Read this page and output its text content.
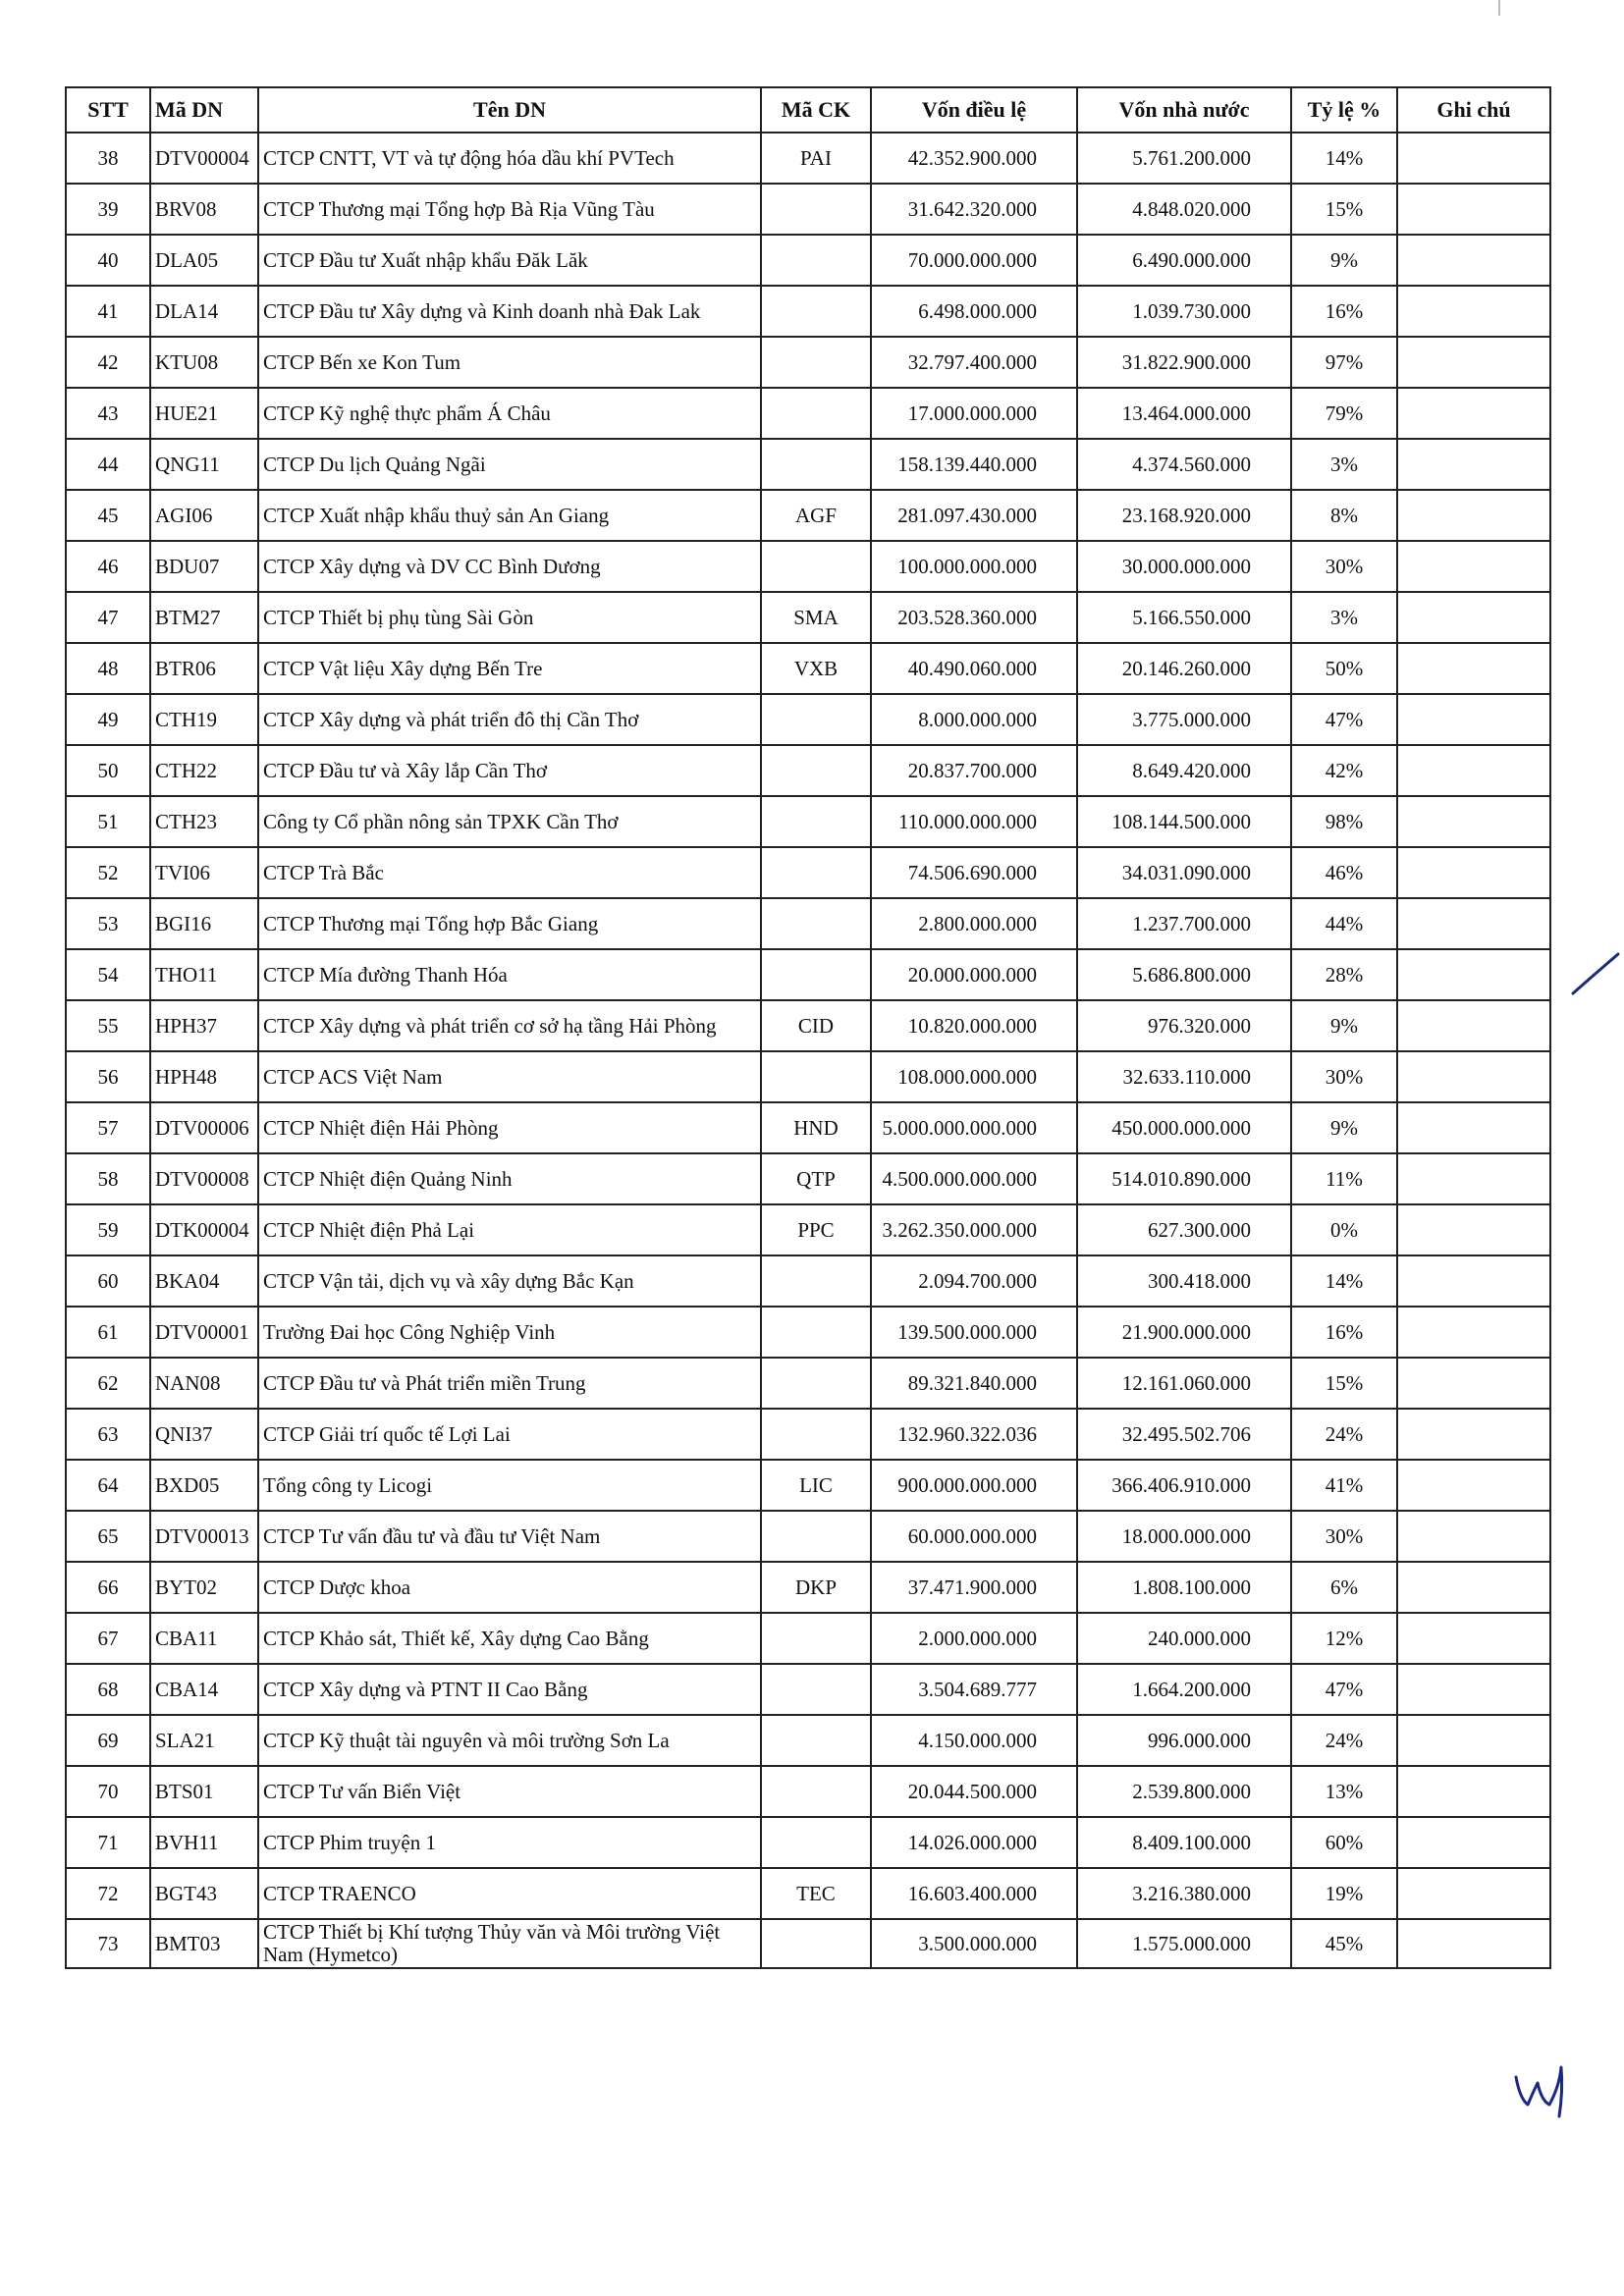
STT	Mã DN	Tên DN	Mã CK	Vốn điều lệ	Vốn nhà nước	Tỷ lệ %	Ghi chú
38	DTV00004	CTCP CNTT, VT và tự động hóa dầu khí PVTech	PAI	42.352.900.000	5.761.200.000	14%	
39	BRV08	CTCP Thương mại Tổng hợp Bà Rịa Vũng Tàu		31.642.320.000	4.848.020.000	15%	
40	DLA05	CTCP Đầu tư Xuất nhập khẩu Đăk Lăk		70.000.000.000	6.490.000.000	9%	
41	DLA14	CTCP Đầu tư Xây dựng và Kinh doanh nhà Đak Lak		6.498.000.000	1.039.730.000	16%	
42	KTU08	CTCP Bến xe Kon Tum		32.797.400.000	31.822.900.000	97%	
43	HUE21	CTCP Kỹ nghệ thực phẩm Á Châu		17.000.000.000	13.464.000.000	79%	
44	QNG11	CTCP Du lịch Quảng Ngãi		158.139.440.000	4.374.560.000	3%	
45	AGI06	CTCP Xuất nhập khẩu thuỷ sản An Giang	AGF	281.097.430.000	23.168.920.000	8%	
46	BDU07	CTCP Xây dựng và DV CC Bình Dương		100.000.000.000	30.000.000.000	30%	
47	BTM27	CTCP Thiết bị phụ tùng Sài Gòn	SMA	203.528.360.000	5.166.550.000	3%	
48	BTR06	CTCP Vật liệu Xây dựng Bến Tre	VXB	40.490.060.000	20.146.260.000	50%	
49	CTH19	CTCP Xây dựng và phát triển đô thị Cần Thơ		8.000.000.000	3.775.000.000	47%	
50	CTH22	CTCP Đầu tư và Xây lắp Cần Thơ		20.837.700.000	8.649.420.000	42%	
51	CTH23	Công ty Cổ phần nông sản TPXK Cần Thơ		110.000.000.000	108.144.500.000	98%	
52	TVI06	CTCP Trà Bắc		74.506.690.000	34.031.090.000	46%	
53	BGI16	CTCP Thương mại Tổng hợp Bắc Giang		2.800.000.000	1.237.700.000	44%	
54	THO11	CTCP Mía đường Thanh Hóa		20.000.000.000	5.686.800.000	28%	
55	HPH37	CTCP Xây dựng và phát triển cơ sở hạ tầng Hải Phòng	CID	10.820.000.000	976.320.000	9%	
56	HPH48	CTCP ACS Việt Nam		108.000.000.000	32.633.110.000	30%	
57	DTV00006	CTCP Nhiệt điện Hải Phòng	HND	5.000.000.000.000	450.000.000.000	9%	
58	DTV00008	CTCP Nhiệt điện Quảng Ninh	QTP	4.500.000.000.000	514.010.890.000	11%	
59	DTK00004	CTCP Nhiệt điện Phả Lại	PPC	3.262.350.000.000	627.300.000	0%	
60	BKA04	CTCP Vận tải, dịch vụ và xây dựng Bắc Kạn		2.094.700.000	300.418.000	14%	
61	DTV00001	Trường Đai học Công Nghiệp Vinh		139.500.000.000	21.900.000.000	16%	
62	NAN08	CTCP Đầu tư và Phát triển miền Trung		89.321.840.000	12.161.060.000	15%	
63	QNI37	CTCP Giải trí quốc tế Lợi Lai		132.960.322.036	32.495.502.706	24%	
64	BXD05	Tổng công ty Licogi	LIC	900.000.000.000	366.406.910.000	41%	
65	DTV00013	CTCP Tư vấn đầu tư và đầu tư Việt Nam		60.000.000.000	18.000.000.000	30%	
66	BYT02	CTCP Dược khoa	DKP	37.471.900.000	1.808.100.000	6%	
67	CBA11	CTCP Khảo sát, Thiết kế, Xây dựng Cao Bằng		2.000.000.000	240.000.000	12%	
68	CBA14	CTCP Xây dựng và PTNT II Cao Bằng		3.504.689.777	1.664.200.000	47%	
69	SLA21	CTCP Kỹ thuật tài nguyên và môi trường Sơn La		4.150.000.000	996.000.000	24%	
70	BTS01	CTCP Tư vấn Biển Việt		20.044.500.000	2.539.800.000	13%	
71	BVH11	CTCP Phim truyện 1		14.026.000.000	8.409.100.000	60%	
72	BGT43	CTCP TRAENCO	TEC	16.603.400.000	3.216.380.000	19%	
73	BMT03	CTCP Thiết bị Khí tượng Thủy văn và Môi trường Việt Nam (Hymetco)		3.500.000.000	1.575.000.000	45%	
